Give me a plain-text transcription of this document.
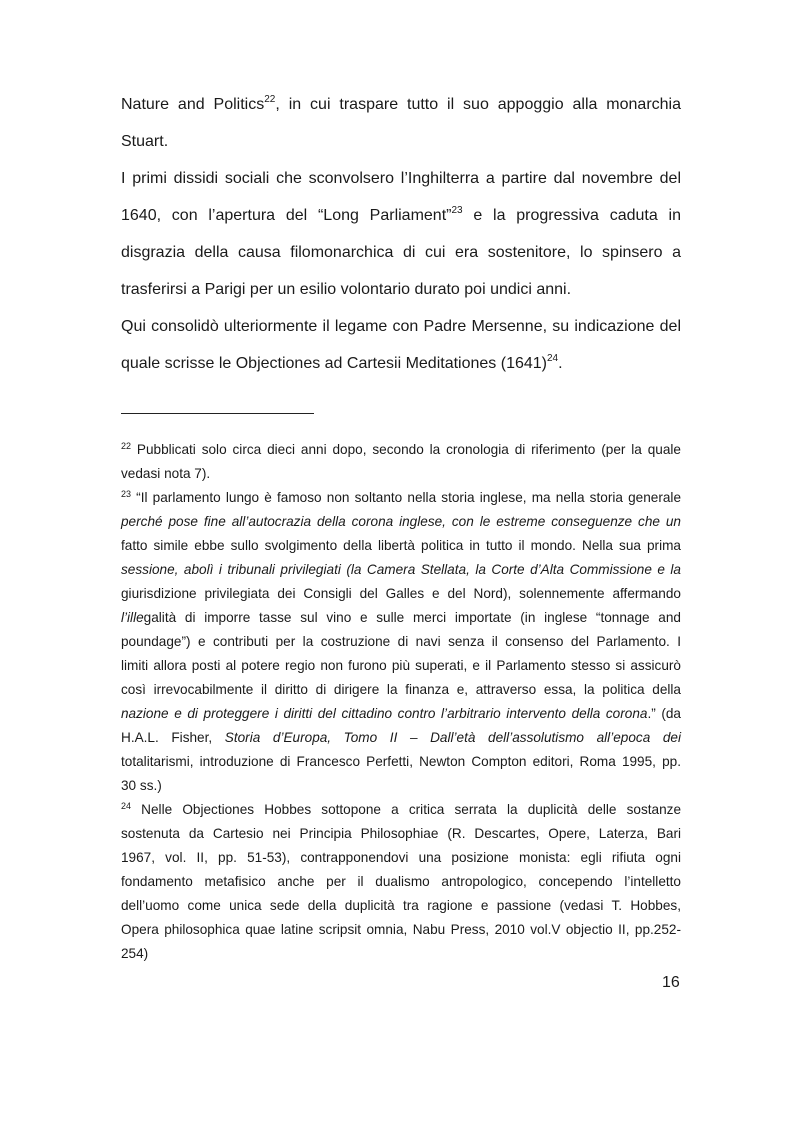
Nature and Politics$^{22}$, in cui traspare tutto il suo appoggio alla monarchia
Stuart.
I primi dissidi sociali che sconvolsero l’Inghilterra a partire dal novembre del
1640, con l’apertura del “Long Parliament”$^{23}$ e la progressiva caduta in
disgrazia della causa filomonarchica di cui era sostenitore, lo spinsero a
trasferirsi a Parigi per un esilio volontario durato poi undici anni.
Qui consolidò ulteriormente il legame con Padre Mersenne, su indicazione del
quale scrisse le Objectiones ad Cartesii Meditationes $(1641)^{24}$.
$^{22}$ Pubblicati solo circa dieci anni dopo, secondo la cronologia di riferimento (per la quale
vedasi nota 7).
$^{23}$ “Il parlamento lungo è famoso non soltanto nella storia inglese, ma nella storia generale
perché pose fine all’autocrazia della corona inglese, con le estreme conseguenze che un
fatto simile ebbe sullo svolgimento della libertà politica in tutto il mondo. Nella sua prima
sessione, abolì i tribunali privilegiati (la Camera Stellata, la Corte d’Alta Commissione e la
giurisdizione privilegiata dei Consigli del Galles e del Nord), solennemente affermando
l’illegalità di imporre tasse sul vino e sulle merci importate (in inglese “tonnage and
poundage”) e contributi per la costruzione di navi senza il consenso del Parlamento. I
limiti allora posti al potere regio non furono più superati, e il Parlamento stesso si assicurò
così irrevocabilmente il diritto di dirigere la finanza e, attraverso essa, la politica della
nazione e di proteggere i diritti del cittadino contro l’arbitrario intervento della corona.” (da
H.A.L. Fisher, Storia d’Europa, Tomo II – Dall’età dell’assolutismo all’epoca dei
totalitarismi, introduzione di Francesco Perfetti, Newton Compton editori, Roma 1995, pp.
30 ss.)
$^{24}$ Nelle Objectiones Hobbes sottopone a critica serrata la duplicità delle sostanze
sostenuta da Cartesio nei Principia Philosophiae (R. Descartes, Opere, Laterza, Bari
1967, vol. II, pp. 51-53), contrapponendovi una posizione monista: egli rifiuta ogni
fondamento metafisico anche per il dualismo antropologico, concependo l’intelletto
dell’uomo come unica sede della duplicità tra ragione e passione (vedasi T. Hobbes,
Opera philosophica quae latine scripsit omnia, Nabu Press, 2010 vol.V objectio II, pp.252-
254)
16
